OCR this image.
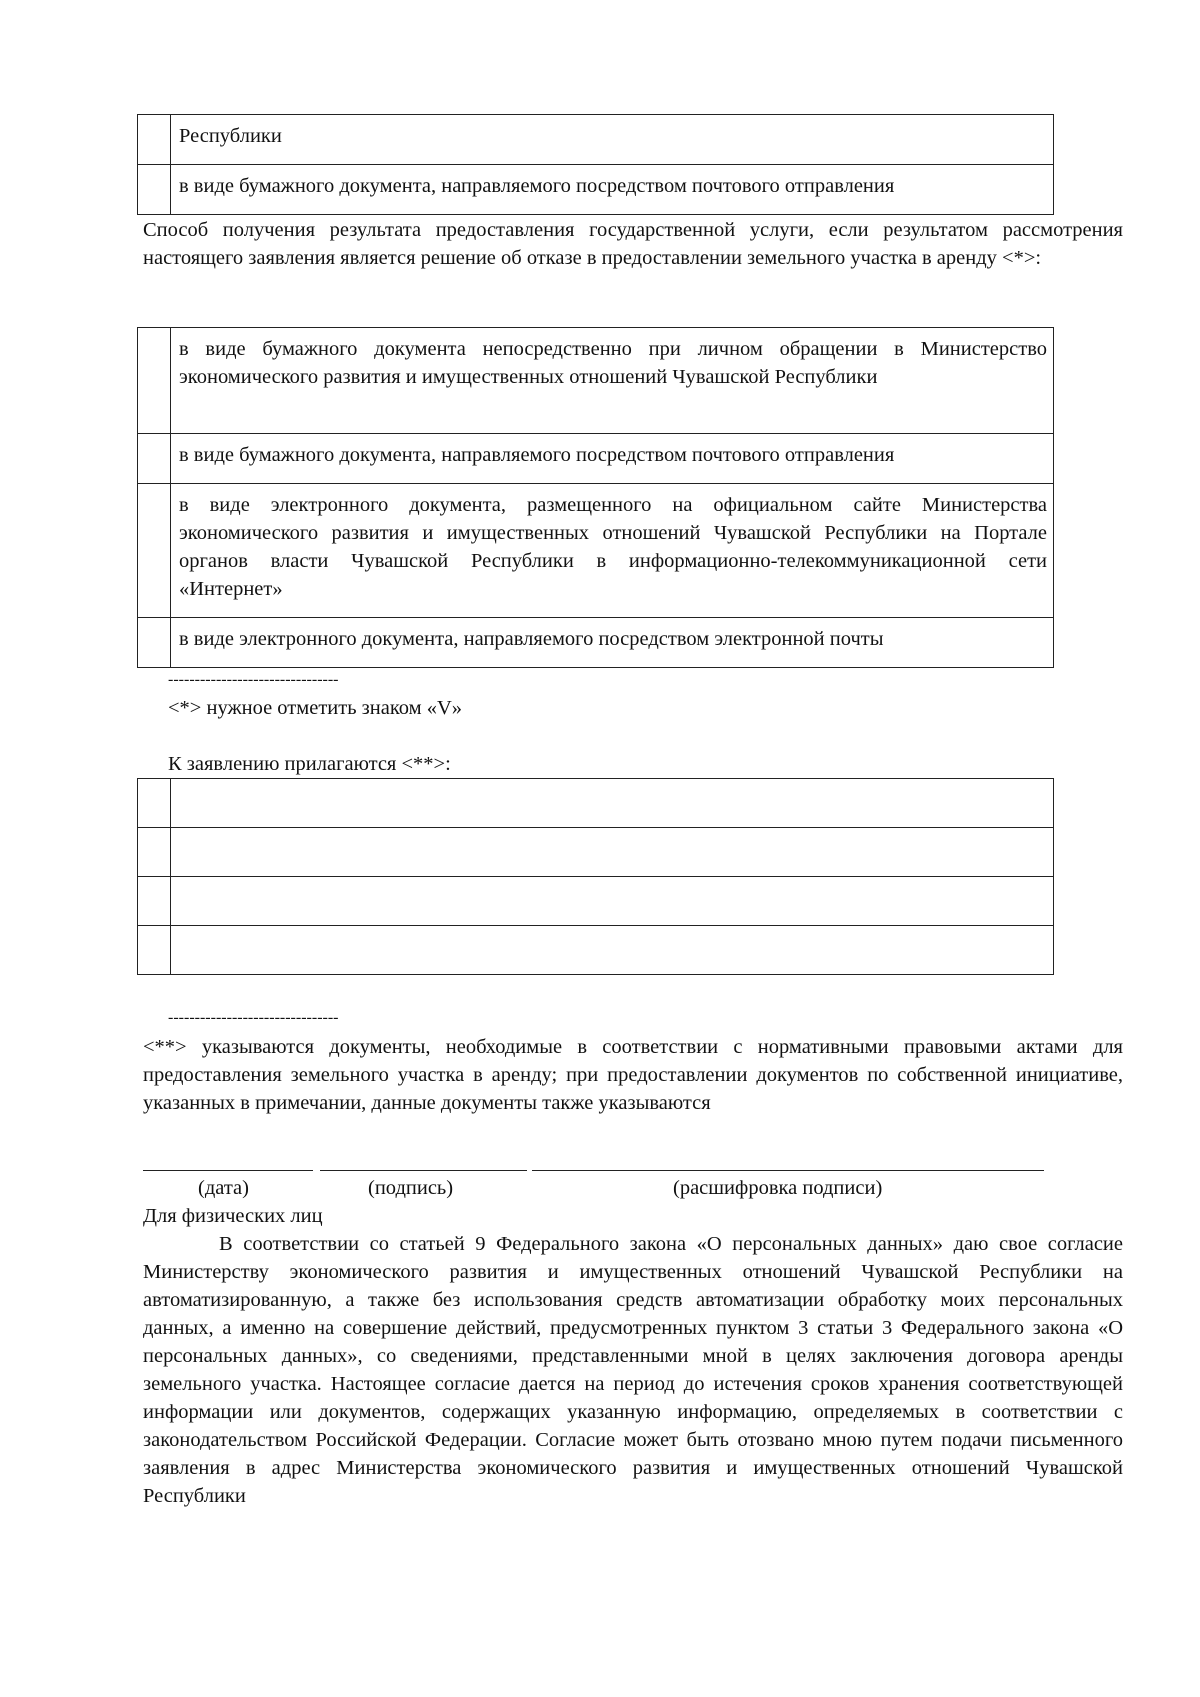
	Республики
	в виде бумажного документа, направляемого посредством почтового отправления
Способ получения результата предоставления государственной услуги, если результатом рассмотрения настоящего заявления является решение об отказе в предоставлении земельного участка в аренду <*>:
	в виде бумажного документа непосредственно при личном обращении в Министерство экономического развития и имущественных отношений Чувашской Республики
	в виде бумажного документа, направляемого посредством почтового отправления
	в виде электронного документа, размещенного на официальном сайте Министерства экономического развития и имущественных отношений Чувашской Республики на Портале органов власти Чувашской Республики в информационно-телекоммуникационной сети «Интернет»
	в виде электронного документа, направляемого посредством электронной почты
--------------------------------
<*> нужное отметить знаком «V»
К заявлению прилагаются <**>:

--------------------------------
<**> указываются документы, необходимые в соответствии с нормативными правовыми актами для предоставления земельного участка в аренду; при предоставлении документов по собственной инициативе, указанных в примечании, данные документы также указываются
(дата)	(подпись)	(расшифровка подписи)
Для физических лиц
В соответствии со статьей 9 Федерального закона «О персональных данных» даю свое согласие Министерству экономического развития и имущественных отношений Чувашской Республики на автоматизированную, а также без использования средств автоматизации обработку моих персональных данных, а именно на совершение действий, предусмотренных пунктом 3 статьи 3 Федерального закона «О персональных данных», со сведениями, представленными мной в целях заключения договора аренды земельного участка. Настоящее согласие дается на период до истечения сроков хранения соответствующей информации или документов, содержащих указанную информацию, определяемых в соответствии с законодательством Российской Федерации. Согласие может быть отозвано мною путем подачи письменного заявления в адрес Министерства экономического развития и имущественных отношений Чувашской Республики
